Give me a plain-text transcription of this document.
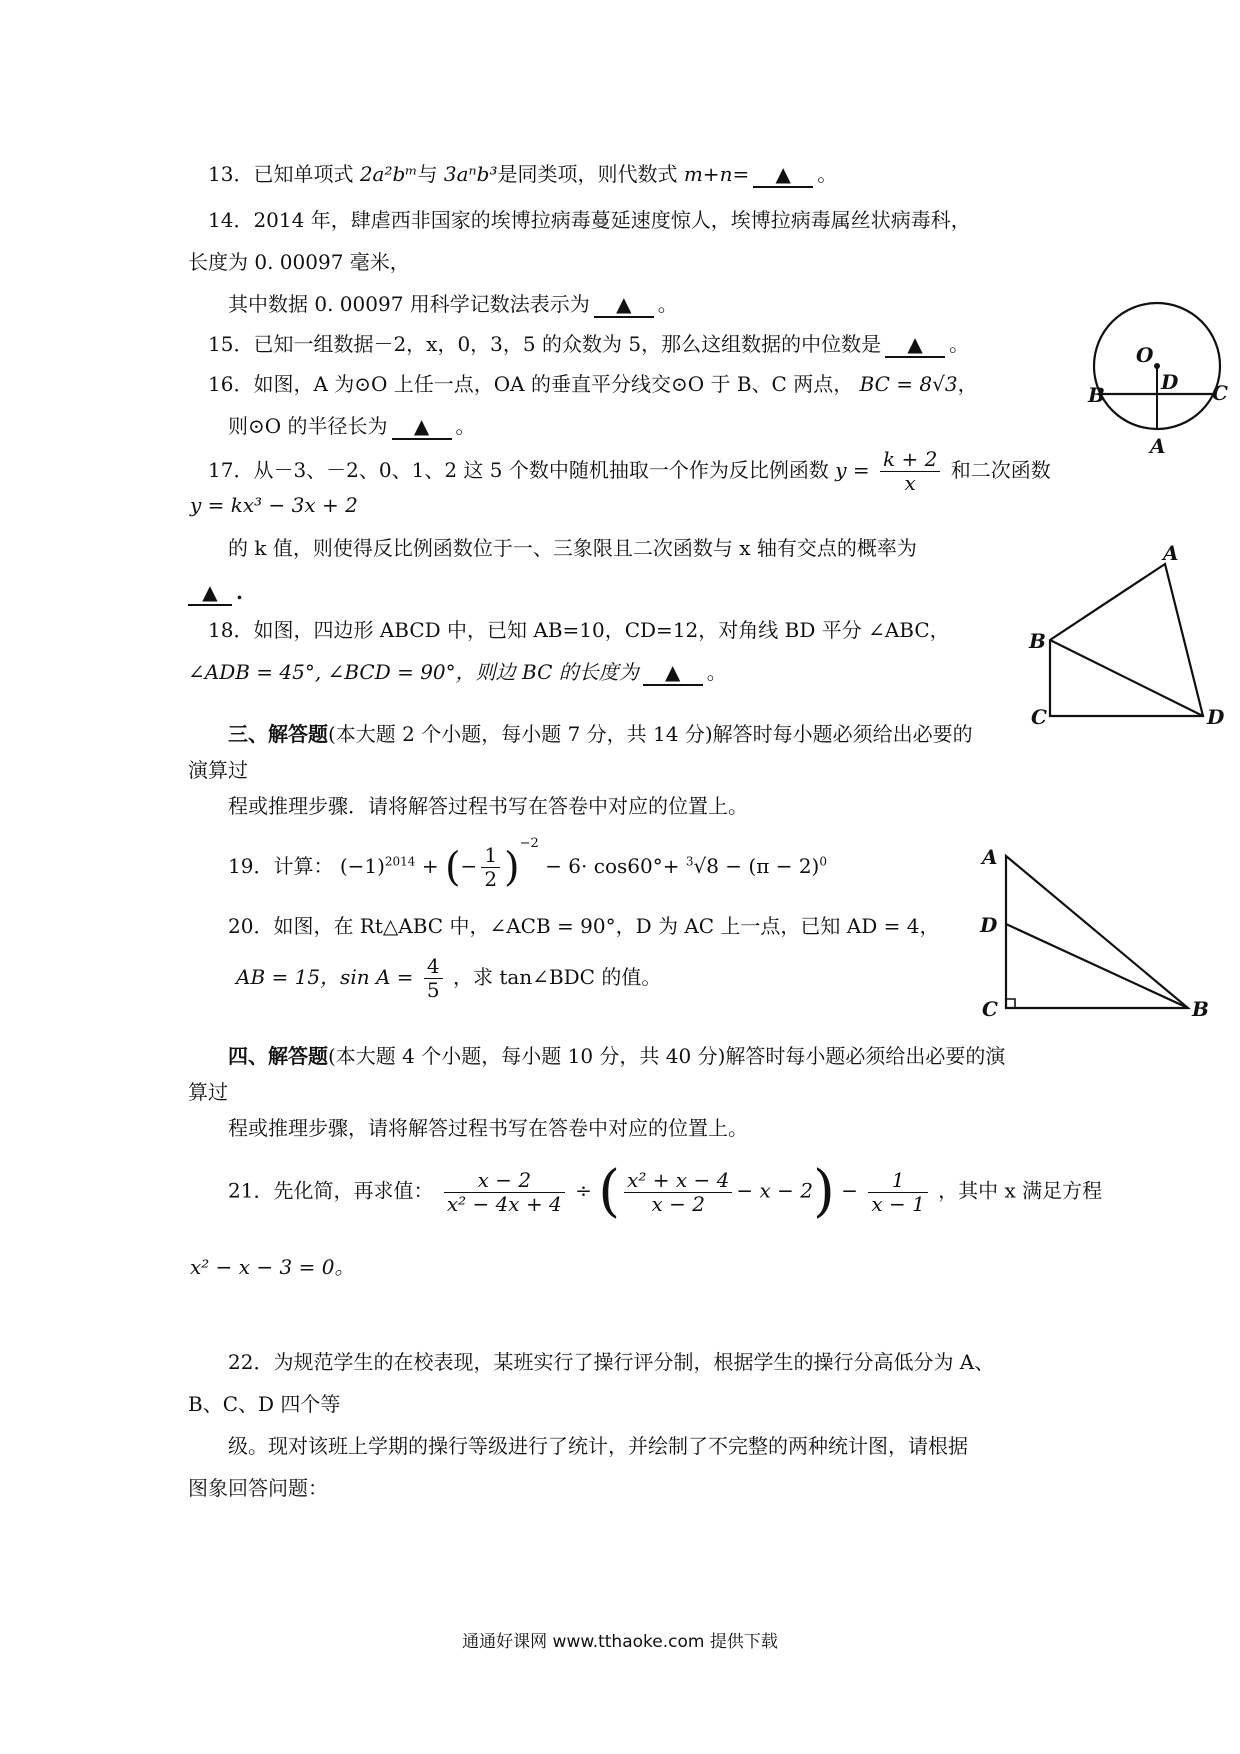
13．已知单项式 2a²bᵐ与 3aⁿb³是同类项，则代数式 m+n= ▲ 。
14．2014 年，肆虐西非国家的埃博拉病毒蔓延速度惊人，埃博拉病毒属丝状病毒科，
长度为 0. 00097 毫米，
其中数据 0. 00097 用科学记数法表示为 ▲ 。
15．已知一组数据－2，x，0，3，5 的众数为 5，那么这组数据的中位数是 ▲ 。
16．如图，A 为⊙O 上任一点，OA 的垂直平分线交⊙O 于 B、C 两点， BC = 8√3，
则⊙O 的半径长为 ▲ 。
O
D
B	C
A
17．从－3、－2、0、1、2 这 5 个数中随机抽取一个作为反比例函数 $y = \frac{k + 2}{x}$ 和二次函数
y = kx³ − 3x + 2
的 k 值，则使得反比例函数位于一、三象限且二次函数与 x 轴有交点的概率为
▲ .
18．如图，四边形 ABCD 中，已知 AB=10，CD=12，对角线 BD 平分 ∠ABC，
∠ADB = 45°, ∠BCD = 90°，则边 BC 的长度为 ▲ 。
A
B
C	D
三、解答题(本大题 2 个小题，每小题 7 分，共 14 分)解答时每小题必须给出必要的
演算过
程或推理步骤．请将解答过程书写在答卷中对应的位置上。
19．计算： $(-1)^{2014}$ + (− $\frac{1}{2} )^{-2} - 6\cdot \cos 60^\circ+ ^3√8 - (\pi - 2)^0$
20．如图，在 Rt△ABC 中，∠ACB = 90°，D 为 AC 上一点，已知 AD = 4，
AB = 15，$\sin A = \frac{4}{5}$ ，求 tan∠BDC 的值。
A
D
C	B
四、解答题(本大题 4 个小题，每小题 10 分，共 40 分)解答时每小题必须给出必要的演
算过
程或推理步骤，请将解答过程书写在答卷中对应的位置上。
21．先化简，再求值： $\frac{x - 2}{\text{x² − 4x + 4}}$ ÷ ( $\frac{\text{x² + x − 4}}{x - 2} - x - 2) - \frac{1}{x - 1}$ ，其中 x 满足方程
x² − x − 3 = 0。
22．为规范学生的在校表现，某班实行了操行评分制，根据学生的操行分高低分为 A、
B、C、D 四个等
级。现对该班上学期的操行等级进行了统计，并绘制了不完整的两种统计图，请根据
图象回答问题：
通通好课网 www.tthaoke.com 提供下载
